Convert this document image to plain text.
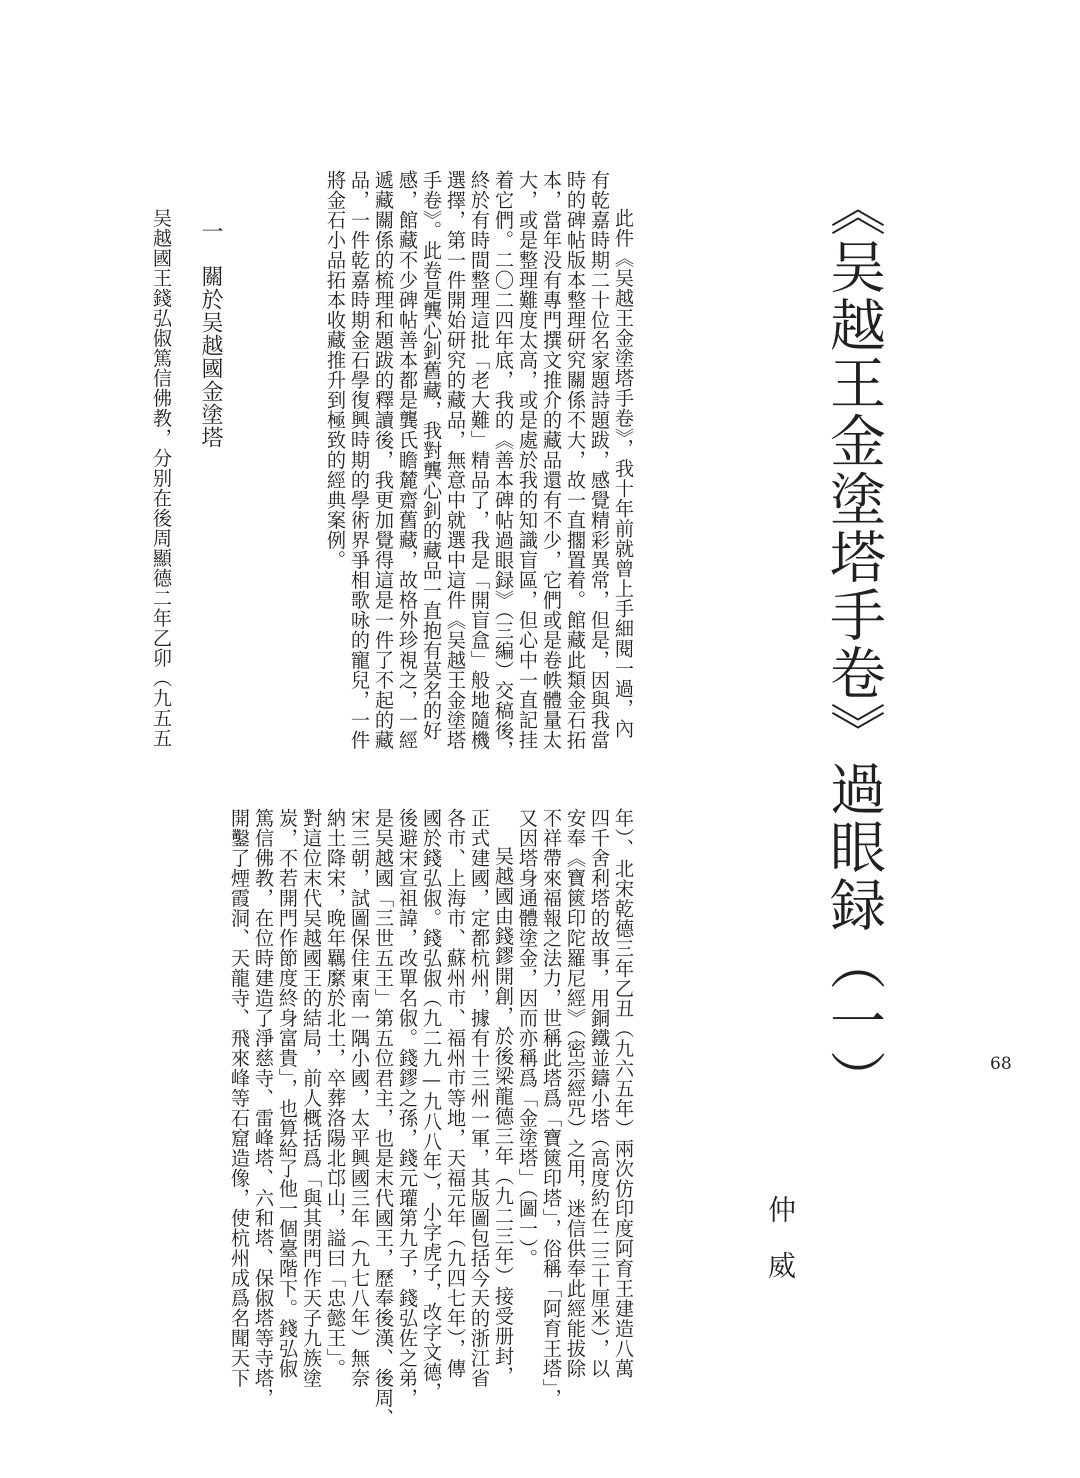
《吴越王金塗塔手卷》過眼録（一）
仲威

此件《吴越王金塗塔手卷》，我十年前就曾上手細閱一過，內
有乾嘉時期二十位名家題詩題跋，感覺精彩異常，但是，因與我當
時的碑帖版本整理研究關係不大，故一直擱置着。館藏此類金石拓
本，當年没有專門撰文推介的藏品還有不少，它們或是卷帙體量太
大，或是整理難度太高，或是處於我的知識盲區，但心中一直記挂
着它們。二〇二四年底，我的《善本碑帖過眼録》（三編）交稿後，
終於有時間整理這批「老大難」精品了，我是「開盲盒」般地隨機
選擇，第一件開始研究的藏品，無意中就選中這件《吴越王金塗塔
手卷》。此卷是龔心釗舊藏，我對龔心釗的藏品一直抱有莫名的好
感，館藏不少碑帖善本都是龔氏瞻麓齋舊藏，故格外珍視之，一經
遞藏關係的梳理和題跋的釋讀後，我更加覺得這是一件了不起的藏
品，一件乾嘉時期金石學復興時期的學術界爭相歌咏的寵兒，一件
將金石小品拓本收藏推升到極致的經典案例。

一關於吴越國金塗塔
吴越國王錢弘俶篤信佛教，分别在後周顯德二年乙卯（九五五

年）、北宋乾德三年乙丑（九六五年）兩次仿印度阿育王建造八萬
四千舍利塔的故事，用銅鐵並鑄小塔（高度約在二三十厘米），以
安奉《寶篋印陀羅尼經》（密宗經咒）之用，迷信供奉此經能拔除
不祥帶來福報之法力，世稱此塔爲「寶篋印塔」，俗稱「阿育王塔」，
又因塔身通體塗金，因而亦稱爲「金塗塔」（圖一）。

吴越國由錢鏐開創，於後梁龍德三年（九二三年）接受册封，
正式建國，定都杭州，據有十三州一軍，其版圖包括今天的浙江省
各市、上海市、蘇州市、福州市等地，天福元年（九四七年），傳
國於錢弘俶。錢弘俶（九二九—九八八年），小字虎子，改字文德，
後避宋宣祖諱，改單名俶。錢鏐之孫，錢元瓘第九子，錢弘佐之弟，
是吴越國「三世五王」第五位君主，也是末代國王，歷奉後漢、後周、
宋三朝，試圖保住東南一隅小國，太平興國三年（九七八年）無奈
納土降宋，晚年羈縻於北土，卒葬洛陽北邙山，謚曰「忠懿王」。
對這位末代吴越國王的結局，前人概括爲「與其閉門作天子九族塗
炭，不若開門作節度終身富貴」，也算給了他一個臺階下。錢弘俶
篤信佛教，在位時建造了淨慈寺、雷峰塔、六和塔、保俶塔等寺塔，
開鑿了煙霞洞、天龍寺、飛來峰等石窟造像，使杭州成爲名聞天下	68
